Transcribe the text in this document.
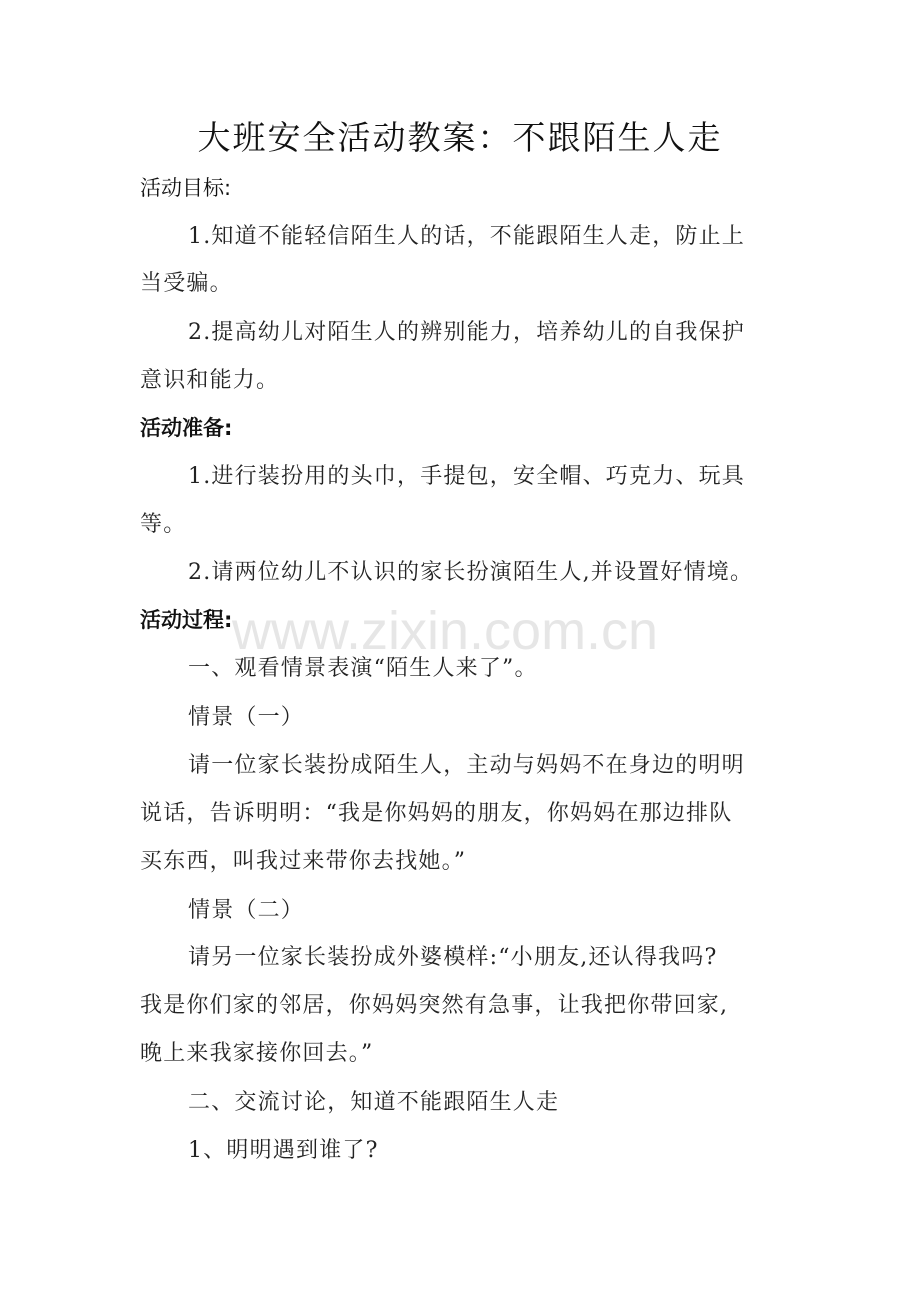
大班安全活动教案：不跟陌生人走
活动目标:
1.知道不能轻信陌生人的话，不能跟陌生人走，防止上
当受骗。
2.提高幼儿对陌生人的辨别能力，培养幼儿的自我保护
意识和能力。
活动准备:
1.进行装扮用的头巾，手提包，安全帽、巧克力、玩具
等。
2.请两位幼儿不认识的家长扮演陌生人,并设置好情境。
活动过程:
一、观看情景表演“陌生人来了”。
情景（一）
请一位家长装扮成陌生人，主动与妈妈不在身边的明明
说话，告诉明明：“我是你妈妈的朋友，你妈妈在那边排队
买东西，叫我过来带你去找她。”
情景（二）
请另一位家长装扮成外婆模样:“小朋友,还认得我吗?
我是你们家的邻居，你妈妈突然有急事，让我把你带回家,
晚上来我家接你回去。”
二、交流讨论，知道不能跟陌生人走
1、明明遇到谁了?
www.zixin.com.cn
